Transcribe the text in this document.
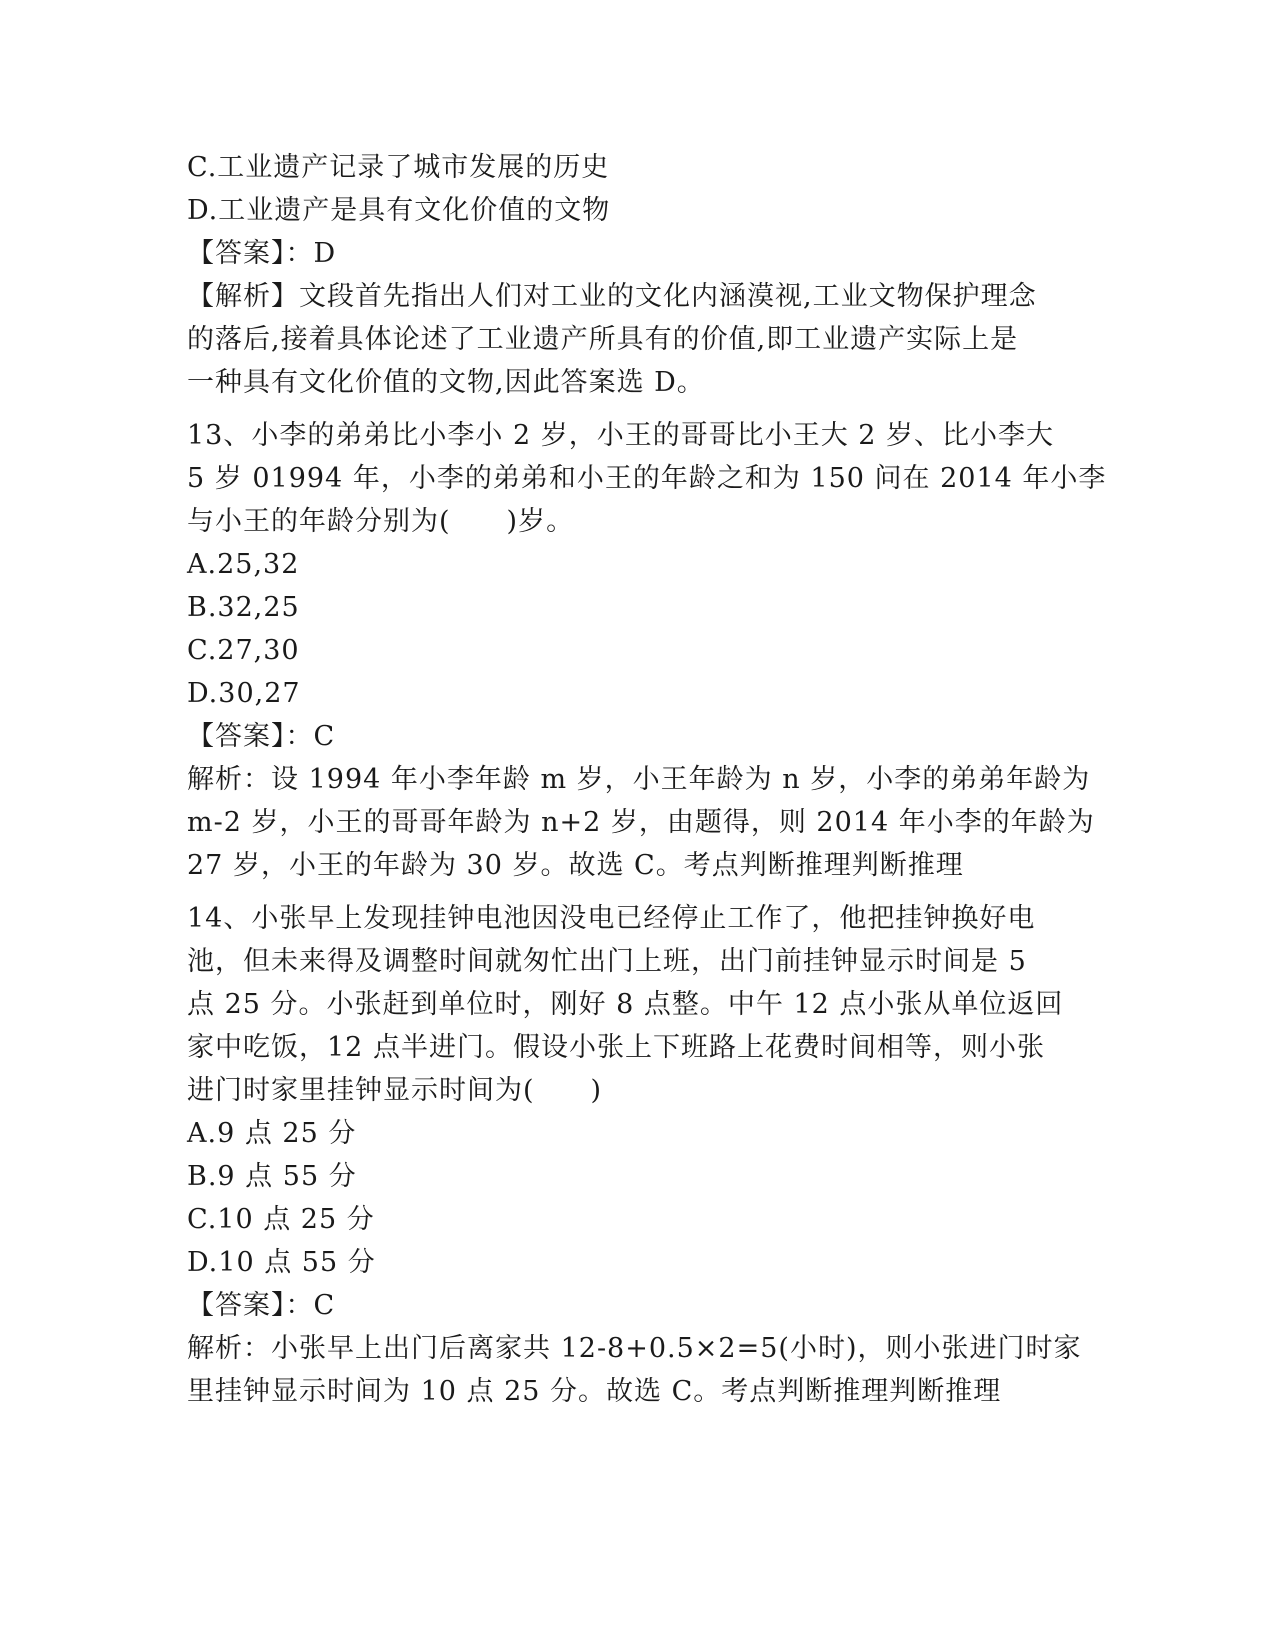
C.工业遗产记录了城市发展的历史
D.工业遗产是具有文化价值的文物
【答案】：D
【解析】文段首先指出人们对工业的文化内涵漠视,工业文物保护理念
的落后,接着具体论述了工业遗产所具有的价值,即工业遗产实际上是
一种具有文化价值的文物,因此答案选 D。
13、小李的弟弟比小李小 2 岁，小王的哥哥比小王大 2 岁、比小李大
5 岁 01994 年，小李的弟弟和小王的年龄之和为 150 问在 2014 年小李
与小王的年龄分别为(　　)岁。
A.25,32
B.32,25
C.27,30
D.30,27
【答案】：C
解析：设 1994 年小李年龄 m 岁，小王年龄为 n 岁，小李的弟弟年龄为
m-2 岁，小王的哥哥年龄为 n+2 岁，由题得，则 2014 年小李的年龄为
27 岁，小王的年龄为 30 岁。故选 C。考点判断推理判断推理
14、小张早上发现挂钟电池因没电已经停止工作了，他把挂钟换好电
池，但未来得及调整时间就匆忙出门上班，出门前挂钟显示时间是 5
点 25 分。小张赶到单位时，刚好 8 点整。中午 12 点小张从单位返回
家中吃饭，12 点半进门。假设小张上下班路上花费时间相等，则小张
进门时家里挂钟显示时间为(　　)
A.9 点 25 分
B.9 点 55 分
C.10 点 25 分
D.10 点 55 分
【答案】：C
解析：小张早上出门后离家共 12-8+0.5×2=5(小时)，则小张进门时家
里挂钟显示时间为 10 点 25 分。故选 C。考点判断推理判断推理
